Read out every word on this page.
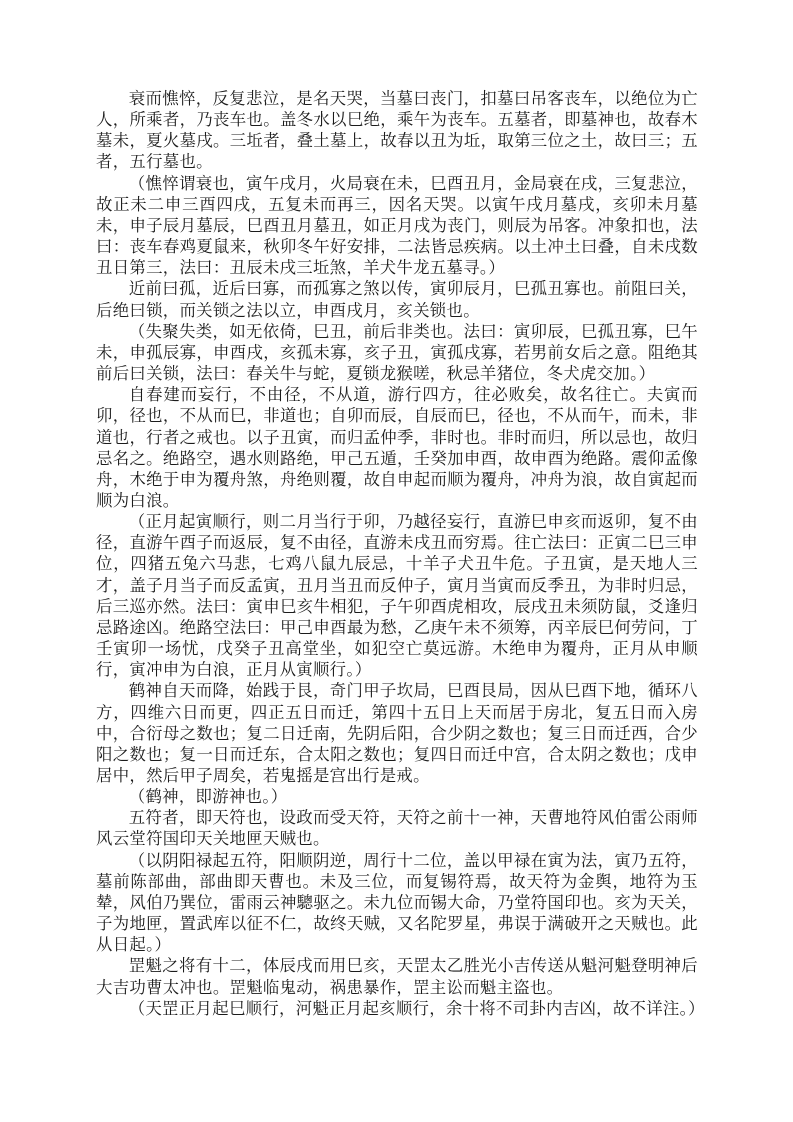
衰而憔悴，反复悲泣，是名天哭，当墓曰丧门，扣墓曰吊客丧车，以绝位为亡人，所乘者，乃丧车也。盖冬水以巳绝，乘午为丧车。五墓者，即墓神也，故春木墓未，夏火墓戌。三坵者，叠土墓上，故春以丑为坵，取第三位之土，故曰三；五者，五行墓也。

（憔悴谓衰也，寅午戌月，火局衰在未，巳酉丑月，金局衰在戌，三复悲泣，故正未二申三酉四戌，五复未而再三，因名天哭。以寅午戌月墓戌，亥卯未月墓未，申子辰月墓辰，巳酉丑月墓丑，如正月戌为丧门，则辰为吊客。冲象扣也，法曰：丧车春鸡夏鼠来，秋卯冬午好安排，二法皆忌疾病。以土冲土曰叠，自未戌数丑日第三，法曰：丑辰未戌三坵煞，羊犬牛龙五墓寻。）

近前曰孤，近后曰寡，而孤寡之煞以传，寅卯辰月，巳孤丑寡也。前阻曰关，后绝曰锁，而关锁之法以立，申酉戌月，亥关锁也。

（失聚失类，如无依倚，巳丑，前后非类也。法曰：寅卯辰，巳孤丑寡，巳午未，申孤辰寡，申酉戌，亥孤未寡，亥子丑，寅孤戌寡，若男前女后之意。阻绝其前后曰关锁，法曰：春关牛与蛇，夏锁龙猴嗟，秋忌羊猪位，冬犬虎交加。）

自春建而妄行，不由径，不从道，游行四方，往必败矣，故名往亡。夫寅而卯，径也，不从而巳，非道也；自卯而辰，自辰而巳，径也，不从而午，而未，非道也，行者之戒也。以子丑寅，而归孟仲季，非时也。非时而归，所以忌也，故归忌名之。绝路空，遇水则路绝，甲己五遁，壬癸加申酉，故申酉为绝路。震仰孟像舟，木绝于申为覆舟煞，舟绝则覆，故自申起而顺为覆舟，冲舟为浪，故自寅起而顺为白浪。

（正月起寅顺行，则二月当行于卯，乃越径妄行，直游巳申亥而返卯，复不由径，直游午酉子而返辰，复不由径，直游未戌丑而穷焉。往亡法曰：正寅二巳三申位，四猪五兔六马悲，七鸡八鼠九辰忌，十羊子犬丑牛危。子丑寅，是天地人三才，盖子月当子而反孟寅，丑月当丑而反仲子，寅月当寅而反季丑，为非时归忌，后三巡亦然。法曰：寅申巳亥牛相犯，子午卯酉虎相攻，辰戌丑未须防鼠，爻逢归忌路途凶。绝路空法曰：甲己申酉最为愁，乙庚午未不须筹，丙辛辰巳何劳问，丁壬寅卯一场忧，戊癸子丑高堂坐，如犯空亡莫远游。木绝申为覆舟，正月从申顺行，寅冲申为白浪，正月从寅顺行。）

鹤神自天而降，始践于艮，奇门甲子坎局，巳酉艮局，因从巳酉下地，循环八方，四维六日而更，四正五日而迁，第四十五日上天而居于房北，复五日而入房中，合衍母之数也；复二日迁南，先阴后阳，合少阴之数也；复三日而迁西，合少阳之数也；复一日而迁东，合太阳之数也；复四日而迁中宫，合太阴之数也；戊申居中，然后甲子周矣，若鬼摇是宫出行是戒。

（鹤神，即游神也。）

五符者，即天符也，设政而受天符，天符之前十一神，天曹地符风伯雷公雨师风云堂符国印天关地匣天贼也。

（以阴阳禄起五符，阳顺阴逆，周行十二位，盖以甲禄在寅为法，寅乃五符，墓前陈部曲，部曲即天曹也。未及三位，而复锡符焉，故天符为金舆，地符为玉辇，风伯乃巽位，雷雨云神驄驱之。未九位而锡大命，乃堂符国印也。亥为天关，子为地匣，置武库以征不仁，故终天贼，又名陀罗星，弗误于满破开之天贼也。此从日起。）

罡魁之将有十二，体辰戌而用巳亥，天罡太乙胜光小吉传送从魁河魁登明神后大吉功曹太冲也。罡魁临鬼动，祸患暴作，罡主讼而魁主盗也。

（天罡正月起巳顺行，河魁正月起亥顺行，余十将不司卦内吉凶，故不详注。）
